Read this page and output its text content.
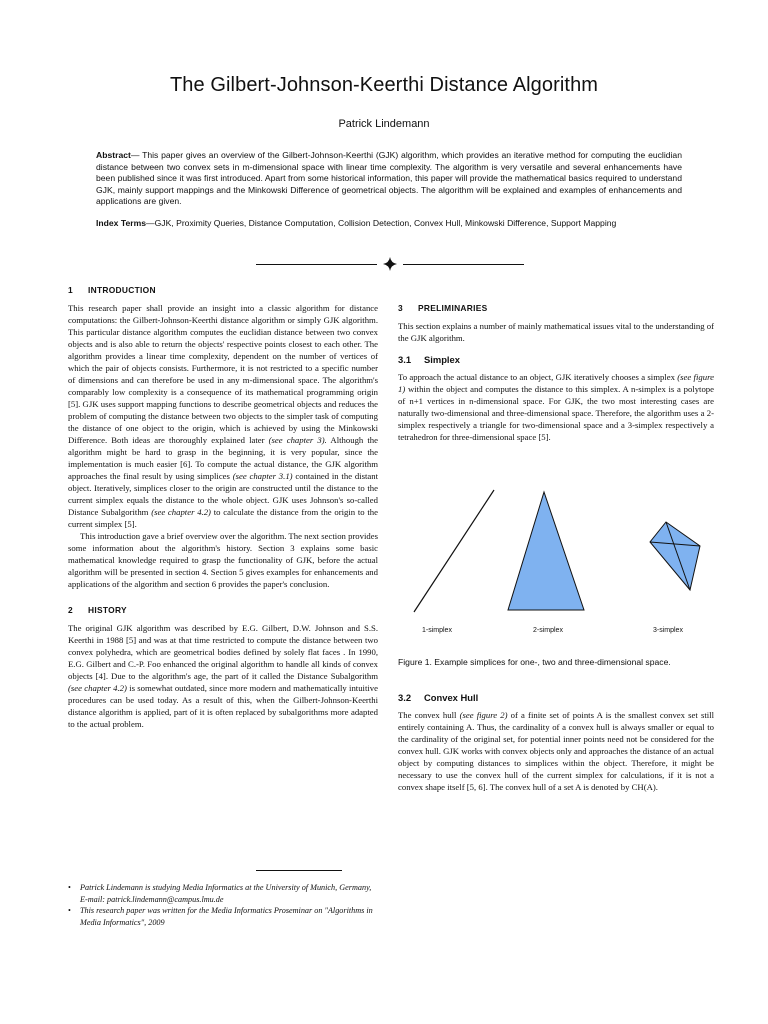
The Gilbert-Johnson-Keerthi Distance Algorithm
Patrick Lindemann
Abstract— This paper gives an overview of the Gilbert-Johnson-Keerthi (GJK) algorithm, which provides an iterative method for computing the euclidian distance between two convex sets in m-dimensional space with linear time complexity. The algorithm is very versatile and several enhancements have been published since it was first introduced. Apart from some historical information, this paper will provide the mathematical basics required to understand GJK, mainly support mappings and the Minkowski Difference of geometrical objects. The algorithm will be explained and examples of enhancements and applications are given.
Index Terms—GJK, Proximity Queries, Distance Computation, Collision Detection, Convex Hull, Minkowski Difference, Support Mapping
1 INTRODUCTION

This research paper shall provide an insight into a classic algorithm for distance computations: the Gilbert-Johnson-Keerthi distance algorithm or simply GJK algorithm. This particular distance algorithm computes the euclidian distance between two convex objects and is also able to return the objects' respective points closest to each other. The algorithm provides a linear time complexity, dependent on the number of vertices of which the pair of objects consists. Furthermore, it is not restricted to a specific number of dimensions and can therefore be used in any m-dimensional space. The algorithm's comparably low complexity is a consequence of its mathematical programming origin [5]. GJK uses support mapping functions to describe geometrical objects and reduces the problem of computing the distance between two objects to the simpler task of computing the distance of one object to the origin, which is achieved by using the Minkowski Difference. Both ideas are thoroughly explained later (see chapter 3). Although the algorithm might be hard to grasp in the beginning, it is very popular, since the implementation is much easier [6]. To compute the actual distance, the GJK algorithm approaches the final result by using simplices (see chapter 3.1) contained in the distant object. Iteratively, simplices closer to the origin are constructed until the distance to the current simplex equals the distance to the whole object. GJK uses Johnson's so-called Distance Subalgorithm (see chapter 4.2) to calculate the distance from the origin to the current simplex [5].

This introduction gave a brief overview over the algorithm. The next section provides some information about the algorithm's history. Section 3 explains some basic mathematical knowledge required to grasp the functionality of GJK, before the actual algorithm will be presented in section 4. Section 5 gives examples for enhancements and applications of the algorithm and section 6 provides the paper's conclusion.

2 HISTORY

The original GJK algorithm was described by E.G. Gilbert, D.W. Johnson and S.S. Keerthi in 1988 [5] and was at that time restricted to compute the distance between two convex polyhedra, which are geometrical bodies defined by solely flat faces . In 1990, E.G. Gilbert and C.-P. Foo enhanced the original algorithm to handle all kinds of convex objects [4]. Due to the algorithm's age, the part of it called the Distance Subalgorithm (see chapter 4.2) is somewhat outdated, since more modern and mathematically intuitive procedures can be used today. As a result of this, when the Gilbert-Johnson-Keerthi distance algorithm is applied, part of it is often replaced by subalgorithms more adapted to the actual problem.

• Patrick Lindemann is studying Media Informatics at the University of Munich, Germany, E-mail: patrick.lindemann@campus.lmu.de
• This research paper was written for the Media Informatics Proseminar on "Algorithms in Media Informatics", 2009
3 PRELIMINARIES

This section explains a number of mainly mathematical issues vital to the understanding of the GJK algorithm.

3.1 Simplex

To approach the actual distance to an object, GJK iteratively chooses a simplex (see figure 1) within the object and computes the distance to this simplex. A n-simplex is a polytope of n+1 vertices in n-dimensional space. For GJK, the two most interesting cases are naturally two-dimensional and three-dimensional space. Therefore, the algorithm uses a 2-simplex respectively a triangle for two-dimensional space and a 3-simplex respectively a tetrahedron for three-dimensional space [5].

1-simplex	2-simplex	3-simplex
Figure 1. Example simplices for one-, two and three-dimensional space.
3.2 Convex Hull

The convex hull (see figure 2) of a finite set of points A is the smallest convex set still entirely containing A. Thus, the cardinality of a convex hull is always smaller or equal to the cardinality of the original set, for potential inner points need not be considered for the convex hull. GJK works with convex objects only and approaches the distance of an actual object by computing distances to simplices within the object. Therefore, it might be necessary to use the convex hull of the current simplex for calculations, if it is not a convex shape itself [5, 6]. The convex hull of a set A is denoted by CH(A).
